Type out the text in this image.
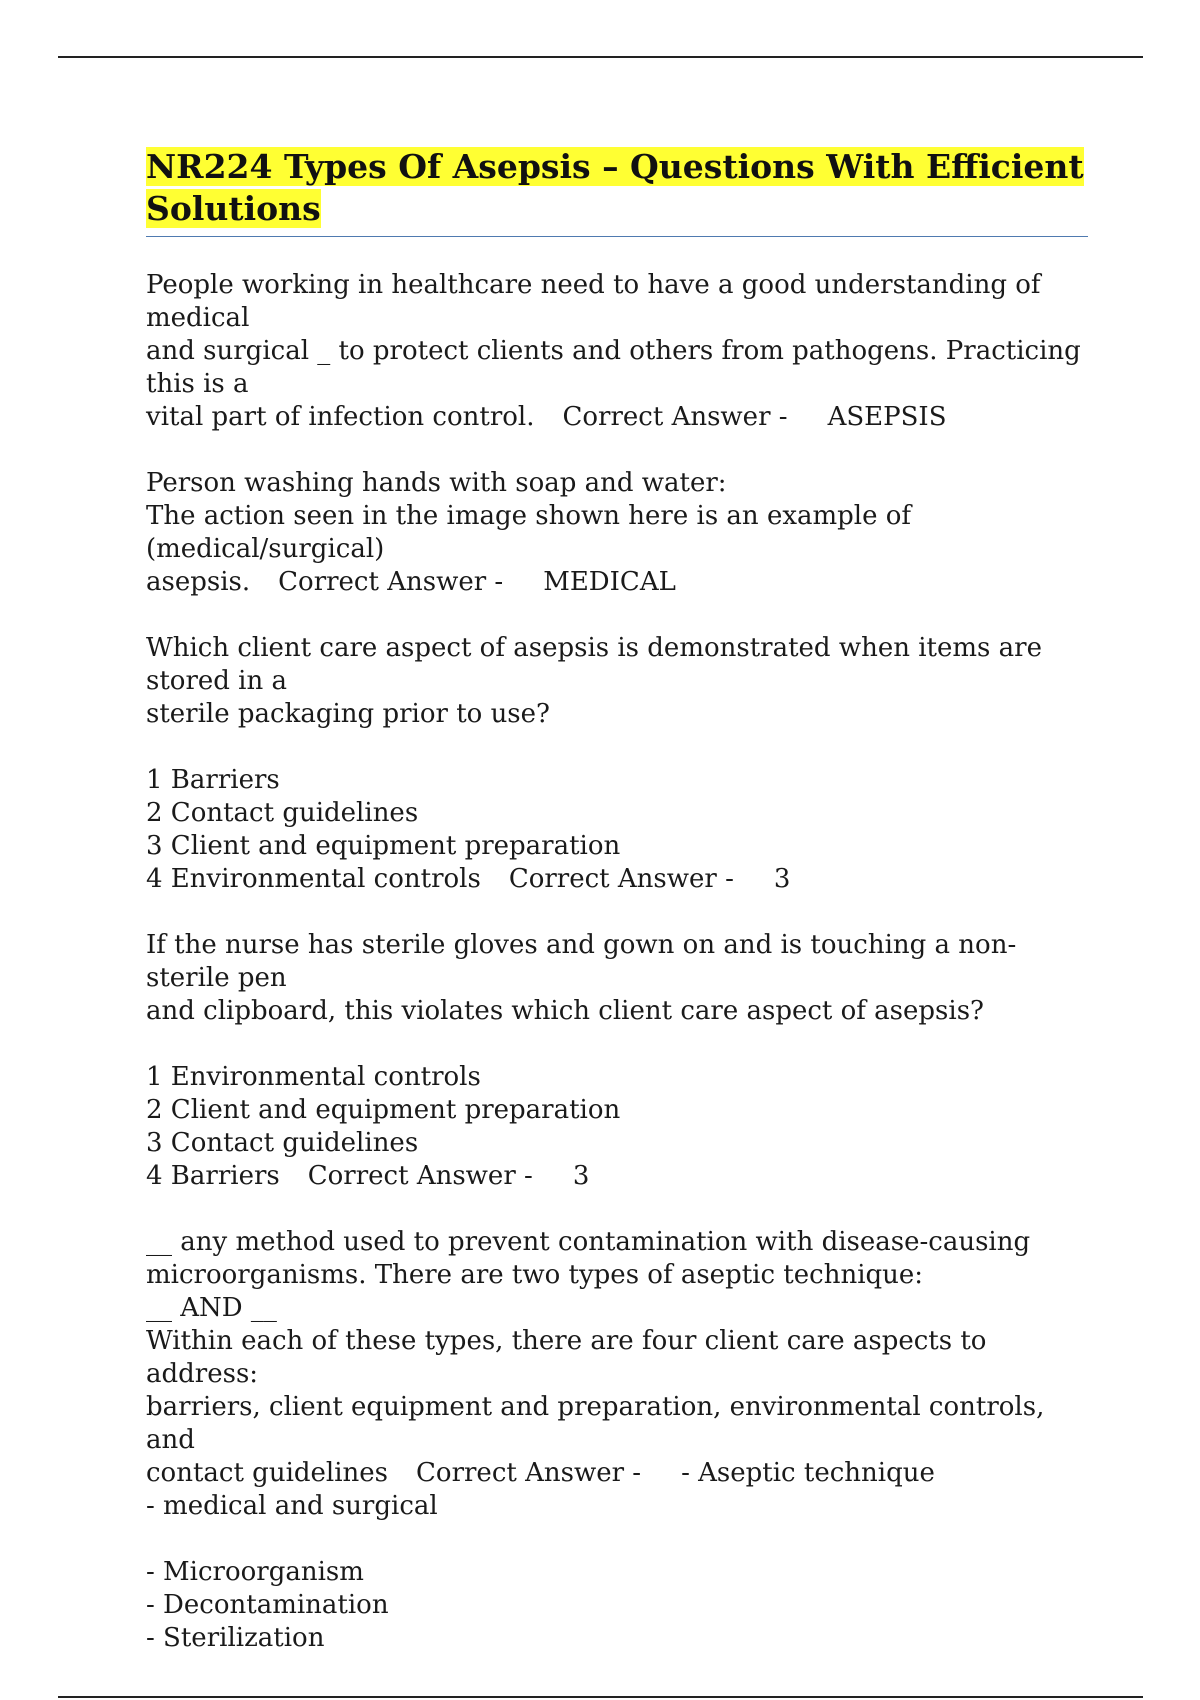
NR224 Types Of Asepsis – Questions With Efficient
Solutions

People working in healthcare need to have a good understanding of medical

and surgical _ to protect clients and others from pathogens. Practicing this is a

vital part of infection control. Correct Answer - ASEPSIS

Person washing hands with soap and water:

The action seen in the image shown here is an example of (medical/surgical)

asepsis. Correct Answer - MEDICAL

Which client care aspect of asepsis is demonstrated when items are stored in a

sterile packaging prior to use?

1 Barriers

2 Contact guidelines

3 Client and equipment preparation

4 Environmental controls Correct Answer - 3

If the nurse has sterile gloves and gown on and is touching a non-sterile pen

and clipboard, this violates which client care aspect of asepsis?

1 Environmental controls

2 Client and equipment preparation

3 Contact guidelines

4 Barriers Correct Answer - 3

__ any method used to prevent contamination with disease-causing

microorganisms. There are two types of aseptic technique:

__ AND __

Within each of these types, there are four client care aspects to address:

barriers, client equipment and preparation, environmental controls, and

contact guidelines Correct Answer - - Aseptic technique

- medical and surgical

- Microorganism

- Decontamination

- Sterilization
